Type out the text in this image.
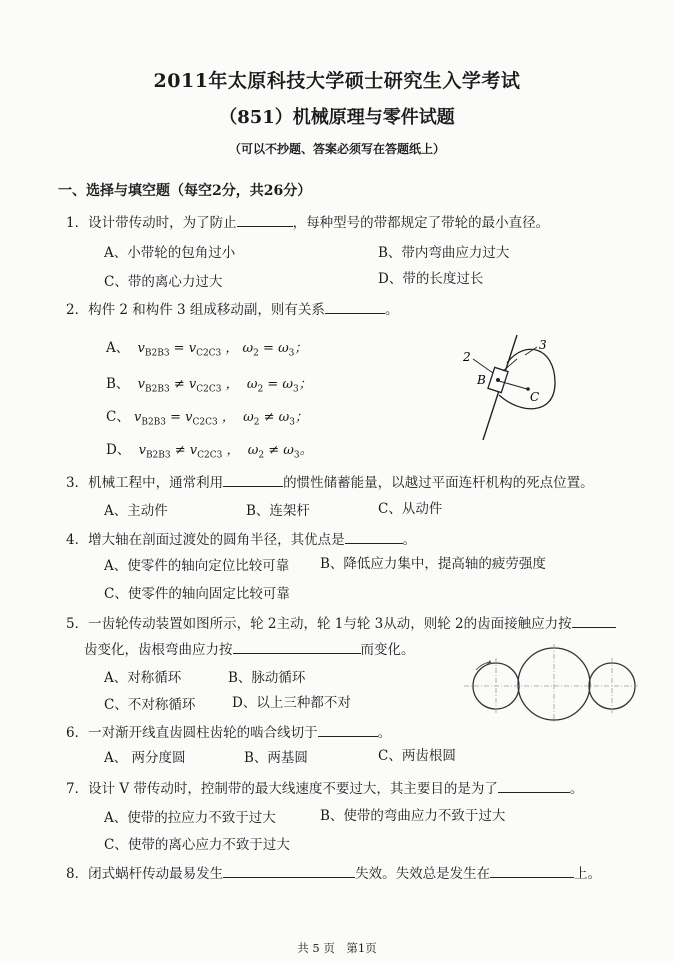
2011年太原科技大学硕士研究生入学考试
（851）机械原理与零件试题
（可以不抄题、答案必须写在答题纸上）
一、选择与填空题（每空2分，共26分）
1．设计带传动时，为了防止	，每种型号的带都规定了带轮的最小直径。
A、小带轮的包角过小	B、带内弯曲应力过大
C、带的离心力过大	D、带的长度过长
2．构件 2 和构件 3 组成移动副，则有关系	。
A、  $v_{B2B3} = v_{C2C3}$ ， $\omega_2 = \omega_3$；
B、  $v_{B2B3} \ne v_{C2C3}$ ，  $\omega_2 = \omega_3$；
C、 $v_{B2B3} = v_{C2C3}$ ，  $\omega_2 \ne \omega_3$；
D、  $v_{B2B3} \ne v_{C2C3}$ ，  $\omega_2 \ne \omega_3$。
2
3
B
C
3．机械工程中，通常利用	的惯性储蓄能量，以越过平面连杆机构的死点位置。
A、主动件	B、连架杆	C、从动件
4．增大轴在剖面过渡处的圆角半径，其优点是	。
A、使零件的轴向定位比较可靠 B、降低应力集中，提高轴的疲劳强度
C、使零件的轴向固定比较可靠
5．一齿轮传动装置如图所示，轮 2主动，轮 1与轮 3从动，则轮 2的齿面接触应力按
齿变化，齿根弯曲应力按	而变化。
A、对称循环	B、脉动循环
C、不对称循环	D、以上三种都不对
6．一对渐开线直齿圆柱齿轮的啮合线切于	。
A、 两分度圆	B、两基圆	C、两齿根圆
7．设计 V 带传动时，控制带的最大线速度不要过大，其主要目的是为了	。
A、使带的拉应力不致于过大	B、使带的弯曲应力不致于过大
C、使带的离心应力不致于过大
8．闭式蜗杆传动最易发生	失效。失效总是发生在	上。
共 5 页　第1页
